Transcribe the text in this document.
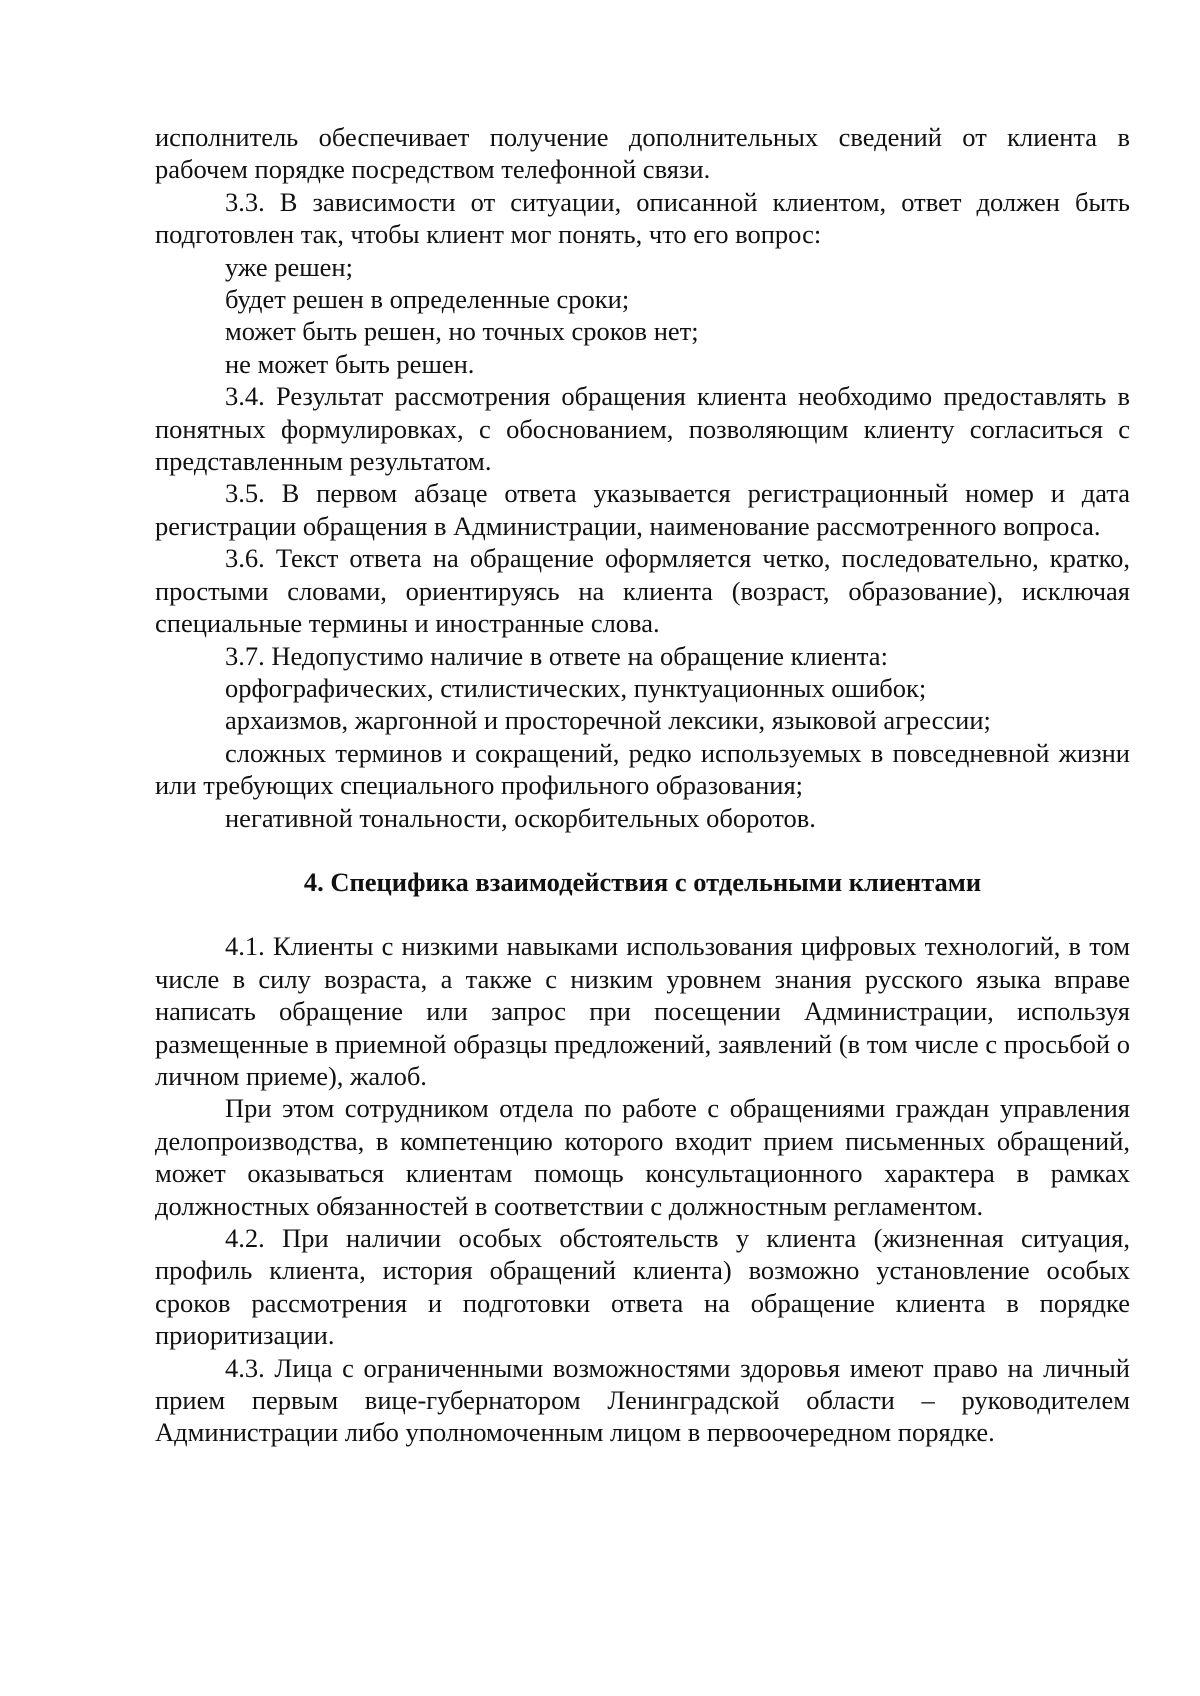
исполнитель обеспечивает получение дополнительных сведений от клиента в рабочем порядке посредством телефонной связи.

3.3. В зависимости от ситуации, описанной клиентом, ответ должен быть подготовлен так, чтобы клиент мог понять, что его вопрос:

уже решен;

будет решен в определенные сроки;

может быть решен, но точных сроков нет;

не может быть решен.

3.4. Результат рассмотрения обращения клиента необходимо предоставлять в понятных формулировках, с обоснованием, позволяющим клиенту согласиться с представленным результатом.

3.5. В первом абзаце ответа указывается регистрационный номер и дата регистрации обращения в Администрации, наименование рассмотренного вопроса.

3.6. Текст ответа на обращение оформляется четко, последовательно, кратко, простыми словами, ориентируясь на клиента (возраст, образование), исключая специальные термины и иностранные слова.

3.7. Недопустимо наличие в ответе на обращение клиента:

орфографических, стилистических, пунктуационных ошибок;

архаизмов, жаргонной и просторечной лексики, языковой агрессии;

сложных терминов и сокращений, редко используемых в повседневной жизни или требующих специального профильного образования;

негативной тональности, оскорбительных оборотов.

4. Специфика взаимодействия с отдельными клиентами

4.1. Клиенты с низкими навыками использования цифровых технологий, в том числе в силу возраста, а также с низким уровнем знания русского языка вправе написать обращение или запрос при посещении Администрации, используя размещенные в приемной образцы предложений, заявлений (в том числе с просьбой о личном приеме), жалоб.

При этом сотрудником отдела по работе с обращениями граждан управления делопроизводства, в компетенцию которого входит прием письменных обращений, может оказываться клиентам помощь консультационного характера в рамках должностных обязанностей в соответствии с должностным регламентом.

4.2. При наличии особых обстоятельств у клиента (жизненная ситуация, профиль клиента, история обращений клиента) возможно установление особых сроков рассмотрения и подготовки ответа на обращение клиента в порядке приоритизации.

4.3. Лица с ограниченными возможностями здоровья имеют право на личный прием первым вице-губернатором Ленинградской области – руководителем Администрации либо уполномоченным лицом в первоочередном порядке.
